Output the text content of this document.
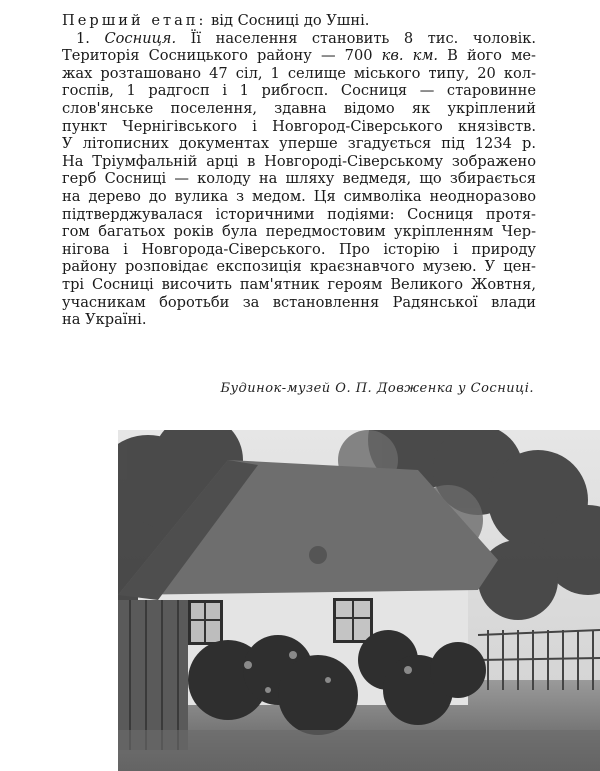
Перший етап: від Сосниці до Ушні.
1. Сосниця. Її населення становить 8 тис. чоловік.
Територія Сосницького району — 700 кв. км. В його ме-
жах розташовано 47 сіл, 1 селище міського типу, 20 кол-
госпів, 1 радгосп і 1 рибгосп. Сосниця — старовинне
слов'янське поселення, здавна відомо як укріплений
пункт Чернігівського і Новгород-Сіверського князівств.
У літописних документах уперше згадується під 1234 р.
На Тріумфальній арці в Новгороді-Сіверському зображено
герб Сосниці — колоду на шляху ведмедя, що збирається
на дерево до вулика з медом. Ця символіка неодноразово
підтверджувалася історичними подіями: Сосниця протя-
гом багатьох років була передмостовим укріпленням Чер-
нігова і Новгорода-Сіверського. Про історію і природу
району розповідає експозиція краєзнавчого музею. У цен-
трі Сосниці височить пам'ятник героям Великого Жовтня,
учасникам боротьби за встановлення Радянської влади
на Україні.
Будинок-музей О. П. Довженка у Сосниці.
